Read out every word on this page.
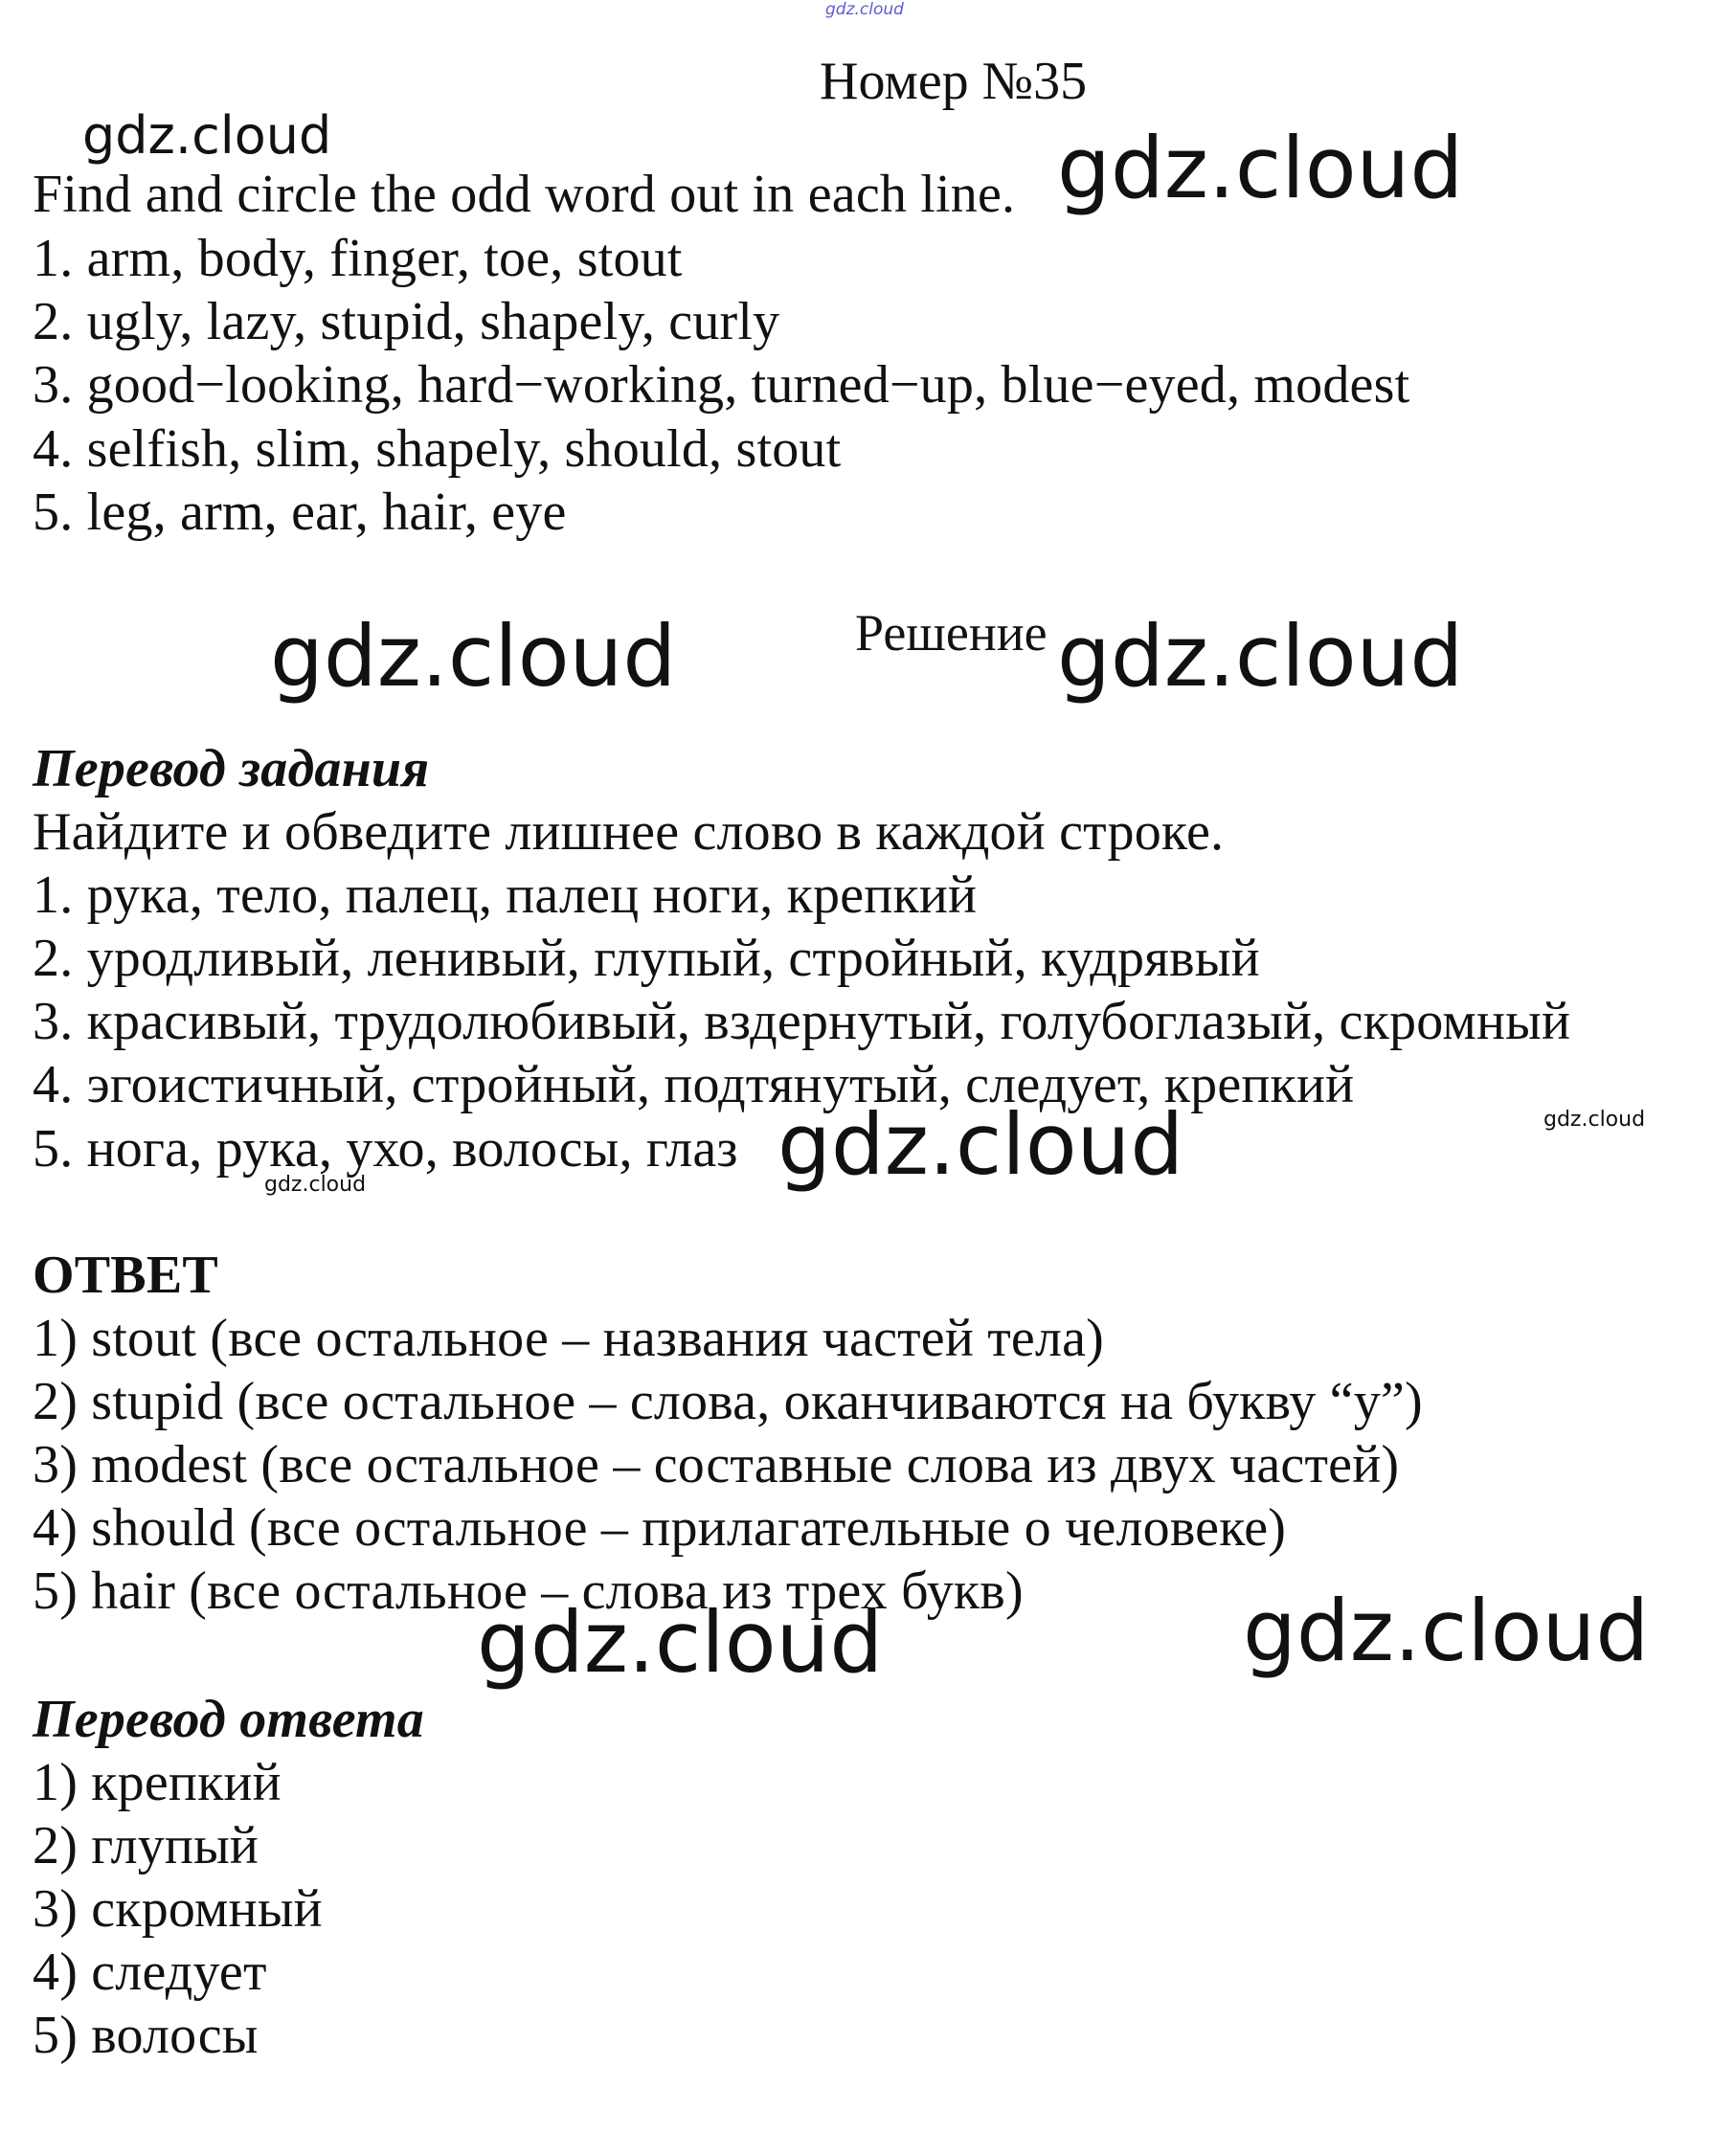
gdz.cloud
Номер №35
Find and circle the odd word out in each line.
1. arm, body, finger, toe, stout
2. ugly, lazy, stupid, shapely, curly
3. good−looking, hard−working, turned−up, blue−eyed, modest
4. selfish, slim, shapely, should, stout
5. leg, arm, ear, hair, eye
Решение
Перевод задания
Найдите и обведите лишнее слово в каждой строке.
1. рука, тело, палец, палец ноги, крепкий
2. уродливый, ленивый, глупый, стройный, кудрявый
3. красивый, трудолюбивый, вздернутый, голубоглазый, скромный
4. эгоистичный, стройный, подтянутый, следует, крепкий
5. нога, рука, ухо, волосы, глаз
ОТВЕТ
1) stout (все остальное – названия частей тела)
2) stupid (все остальное – слова, оканчиваются на букву “y”)
3) modest (все остальное – составные слова из двух частей)
4) should (все остальное – прилагательные о человеке)
5) hair (все остальное – слова из трех букв)
Перевод ответа
1) крепкий
2) глупый
3) скромный
4) следует
5) волосы
gdz.cloud	gdz.cloud
gdz.cloud	gdz.cloud
gdz.cloud	gdz.cloud
gdz.cloud
gdz.cloud	gdz.cloud
